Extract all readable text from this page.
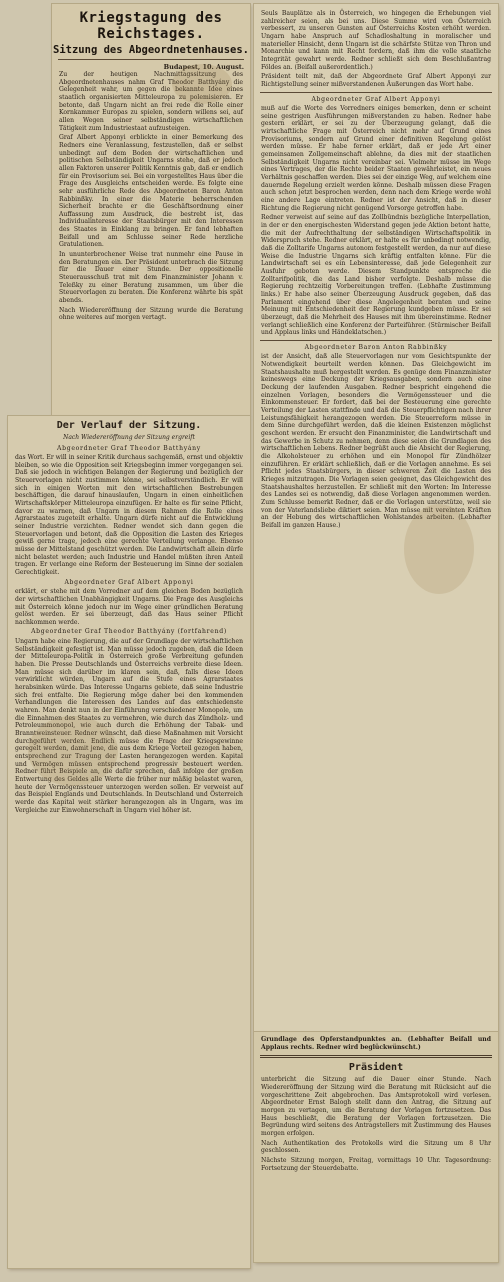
Kriegstagung des Reichstages.
Sitzung des Abgeordnetenhauses.
Budapest, 10. August.

Zu der heutigen Nachmittagssitzung des Abgeordnetenhauses nahm Graf Theodor Batthyány die Gelegenheit wahr, um gegen die bekannte Idee eines staatlich organisierten Mitteleuropa zu polemisieren. Er betonte, daß Ungarn nicht an frei rede die Rolle einer Kornkammer Europas zu spielen, sondern willens sei, auf allen Wegen seiner selbständigen wirtschaftlichen Tätigkeit zum Industriestaat aufzusteigen.

Graf Albert Apponyi erblickte in einer Bemerkung des Redners eine Veranlassung, festzustellen, daß er selbst unbedingt auf dem Boden der wirtschaftlichen und politischen Selbständigkeit Ungarns stehe, daß er jedoch allen Faktoren unserer Politik Kenntnis gab, daß er endlich für ein Provisorium sei. Bei ein vorgestelltes Haus über die Frage des Ausgleichs entscheiden werde. Es folgte eine sehr ausführliche Rede des Abgeordneten Baron Anton Rabbinßky. In einer die Materie beherrschenden Sicherheit brachte er die Geschäftsordnung einer Auffassung zum Ausdruck, die bestrebt ist, das Individualinteresse der Staatsbürger mit den Interessen des Staates in Einklang zu bringen. Er fand lebhaften Beifall und am Schlusse seiner Rede herzliche Gratulationen.

In ununterbrochener Weise trat nunmehr eine Pause in den Beratungen ein. Der Präsident unterbrach die Sitzung für die Dauer einer Stunde. Der oppositionelle Steuerausschuß trat mit dem Finanzminister Johann v. Teleßky zu einer Beratung zusammen, um über die Steuervorlagen zu beraten. Die Konferenz währte bis spät abends.

Nach Wiedereröffnung der Sitzung wurde die Beratung ohne weiteres auf morgen vertagt.

Der Verlauf der Sitzung.
Nach Wiedereröffnung der Sitzung ergreift
Abgeordneter Graf Theodor Batthyány

das Wort. Er will in seiner Kritik durchaus sachgemäß, ernst und objektiv bleiben, so wie die Opposition seit Kriegsbeginn immer vorgegangen sei. Daß sie jedoch in wichtigen Belangen der Regierung und bezüglich der Steuervorlagen nicht zustimmen könne, sei selbstverständlich. Er will sich in einigen Worten mit den wirtschaftlichen Bestrebungen beschäftigen, die darauf hinauslaufen, Ungarn in einen einheitlichen Wirtschaftskörper Mitteleuropa einzufügen. Er halte es für seine Pflicht, davor zu warnen, daß Ungarn in diesem Rahmen die Rolle eines Agrarstaates zugeteilt erhalte. Ungarn dürfe nicht auf die Entwicklung seiner Industrie verzichten. Redner wendet sich dann gegen die Steuervorlagen und betont, daß die Opposition die Lasten des Krieges gewiß gerne trage, jedoch eine gerechte Verteilung verlange. Ebenso müsse der Mittelstand geschützt werden. Die Landwirtschaft allein dürfe nicht belastet werden; auch Industrie und Handel müßten ihren Anteil tragen. Er verlange eine Reform der Besteuerung im Sinne der sozialen Gerechtigkeit.

Abgeordneter Graf Albert Apponyi

erklärt, er stehe mit dem Vorredner auf dem gleichen Boden bezüglich der wirtschaftlichen Unabhängigkeit Ungarns. Die Frage des Ausgleichs mit Österreich könne jedoch nur im Wege einer gründlichen Beratung gelöst werden. Er sei überzeugt, daß das Haus seiner Pflicht nachkommen werde.

Abgeordneter Graf Theodor Batthyány (fortfahrend)

Ungarn habe eine Regierung, die auf der Grundlage der wirtschaftlichen Selbständigkeit gefestigt ist. Man müsse jedoch zugeben, daß die Ideen der Mitteleuropa-Politik in Österreich große Verbreitung gefunden haben. Die Presse Deutschlands und Österreichs verbreite diese Ideen. Man müsse sich darüber im klaren sein, daß, falls diese Ideen verwirklicht würden, Ungarn auf die Stufe eines Agrarstaates herabsinken würde. Das Interesse Ungarns gebiete, daß seine Industrie sich frei entfalte. Die Regierung möge daher bei den kommenden Verhandlungen die Interessen des Landes auf das entschiedenste wahren. Man denkt nun in der Einführung verschiedener Monopole, um die Einnahmen des Staates zu vermehren, wie durch das Zündholz- und Petroleummonopol, wie auch durch die Erhöhung der Tabak- und Branntweinsteuer. Redner wünscht, daß diese Maßnahmen mit Vorsicht durchgeführt werden. Endlich müsse die Frage der Kriegsgewinne geregelt werden, damit jene, die aus dem Kriege Vorteil gezogen haben, entsprechend zur Tragung der Lasten herangezogen werden. Kapital und Vermögen müssen entsprechend progressiv besteuert werden. Redner führt Beispiele an, die dafür sprechen, daß infolge der großen Entwertung des Geldes alle Werte die früher nur mäßig belastet waren, heute der Vermögenssteuer unterzogen werden sollen. Er verweist auf das Beispiel Englands und Deutschlands. In Deutschland und Österreich werde das Kapital weit stärker herangezogen als in Ungarn, was im Vergleiche zur Einwohnerschaft in Ungarn viel höher ist.

Seuls Bauplätze als in Österreich, wo hingegen die Erhebungen viel zahlreicher seien, als bei uns. Diese Summe wird von Österreich verbessert, zu unseren Gunsten auf Österreichs Kosten erhöht werden. Ungarn habe Anspruch auf Schadloshaltung in moralischer und materieller Hinsicht, denn Ungarn ist die schärfste Stütze von Thron und Monarchie und kann mit Recht fordern, daß ihm die volle staatliche Integrität gewahrt werde. Redner schließt sich dem Beschlußantrag Földes an. (Beifall außerordentlich.)

Präsident teilt mit, daß der Abgeordnete Graf Albert Apponyi zur Richtigstellung seiner mißverstandenen Äußerungen das Wort habe.

Abgeordneter Graf Albert Apponyi

muß auf die Worte des Vorredners einiges bemerken, denn er scheint seine gestrigen Ausführungen mißverstanden zu haben. Redner habe gestern erklärt, er sei zu der Überzeugung gelangt, daß die wirtschaftliche Frage mit Österreich nicht mehr auf Grund eines Provisoriums, sondern auf Grund einer definitiven Regelung gelöst werden müsse. Er habe ferner erklärt, daß er jede Art einer gemeinsamen Zollgemeinschaft ablehne, da dies mit der staatlichen Selbständigkeit Ungarns nicht vereinbar sei. Vielmehr müsse im Wege eines Vertrages, der die Rechte beider Staaten gewährleistet, ein neues Verhältnis geschaffen werden. Dies sei der einzige Weg, auf welchem eine dauernde Regelung erzielt werden könne. Deshalb müssen diese Fragen auch schon jetzt besprochen werden, denn nach dem Kriege werde wohl eine andere Lage eintreten. Redner ist der Ansicht, daß in dieser Richtung die Regierung nicht genügend Vorsorge getroffen habe.

Redner verweist auf seine auf das Zollbündnis bezügliche Interpellation, in der er den energischesten Widerstand gegen jede Aktion betont hatte, die mit der Aufrechthaltung der selbständigen Wirtschaftspolitik in Widerspruch stehe. Redner erklärt, er halte es für unbedingt notwendig, daß die Zolltarife Ungarns autonom festgestellt werden, da nur auf diese Weise die Industrie Ungarns sich kräftig entfalten könne. Für die Landwirtschaft sei es ein Lebensinteresse, daß jede Gelegenheit zur Ausfuhr geboten werde. Diesem Standpunkte entspreche die Zolltarifpolitik, die das Land bisher verfolgte. Deshalb müsse die Regierung rechtzeitig Vorbereitungen treffen. (Lebhafte Zustimmung links.) Er habe also seiner Überzeugung Ausdruck gegeben, daß das Parlament eingehend über diese Angelegenheit beraten und seine Meinung mit Entschiedenheit der Regierung kundgeben müsse. Er sei überzeugt, daß die Mehrheit des Hauses mit ihm übereinstimme. Redner verlangt schließlich eine Konferenz der Parteiführer. (Stürmischer Beifall und Applaus links und Händeklatschen.)

Abgeordneter Baron Anton Rabbinßky

ist der Ansicht, daß alle Steuervorlagen nur vom Gesichtspunkte der Notwendigkeit beurteilt werden können. Das Gleichgewicht im Staatshaushalte muß hergestellt werden. Es genüge dem Finanzminister keineswegs eine Deckung der Kriegsausgaben, sondern auch eine Deckung der laufenden Ausgaben. Redner bespricht eingehend die einzelnen Vorlagen, besonders die Vermögenssteuer und die Einkommensteuer. Er fordert, daß bei der Besteuerung eine gerechte Verteilung der Lasten stattfinde und daß die Steuerpflichtigen nach ihrer Leistungsfähigkeit herangezogen werden. Die Steuerreform müsse in dem Sinne durchgeführt werden, daß die kleinen Existenzen möglichst geschont werden. Er ersucht den Finanzminister, die Landwirtschaft und das Gewerbe in Schutz zu nehmen, denn diese seien die Grundlagen des wirtschaftlichen Lebens. Redner begrüßt auch die Absicht der Regierung, die Alkoholsteuer zu erhöhen und ein Monopol für Zündhölzer einzuführen. Er erklärt schließlich, daß er die Vorlagen annehme. Es sei Pflicht jedes Staatsbürgers, in dieser schweren Zeit die Lasten des Krieges mitzutragen. Die Vorlagen seien geeignet, das Gleichgewicht des Staatshaushaltes herzustellen. Er schließt mit den Worten: Im Interesse des Landes sei es notwendig, daß diese Vorlagen angenommen werden. Zum Schlusse bemerkt Redner, daß er die Vorlagen unterstütze, weil sie von der Vaterlandsliebe diktiert seien. Man müsse mit vereinten Kräften an der Hebung des wirtschaftlichen Wohlstandes arbeiten. (Lebhafter Beifall im ganzen Hause.)

Grundlage des Opferstandpunktes an. (Lebhafter Beifall und Applaus rechts. Redner wird beglückwünscht.)

Präsident

unterbricht die Sitzung auf die Dauer einer Stunde. Nach Wiedereröffnung der Sitzung wird die Beratung mit Rücksicht auf die vorgeschrittene Zeit abgebrochen. Das Amtsprotokoll wird verlesen. Abgeordneter Ernst Balogh stellt dann den Antrag, die Sitzung auf morgen zu vertagen, um die Beratung der Vorlagen fortzusetzen. Das Haus beschließt, die Beratung der Vorlagen fortzusetzen. Die Begründung wird seitens des Antragstellers mit Zustimmung des Hauses morgen erfolgen.

Nach Authentikation des Protokolls wird die Sitzung um 8 Uhr geschlossen.

Nächste Sitzung morgen, Freitag, vormittags 10 Uhr. Tagesordnung: Fortsetzung der Steuerdebatte.
